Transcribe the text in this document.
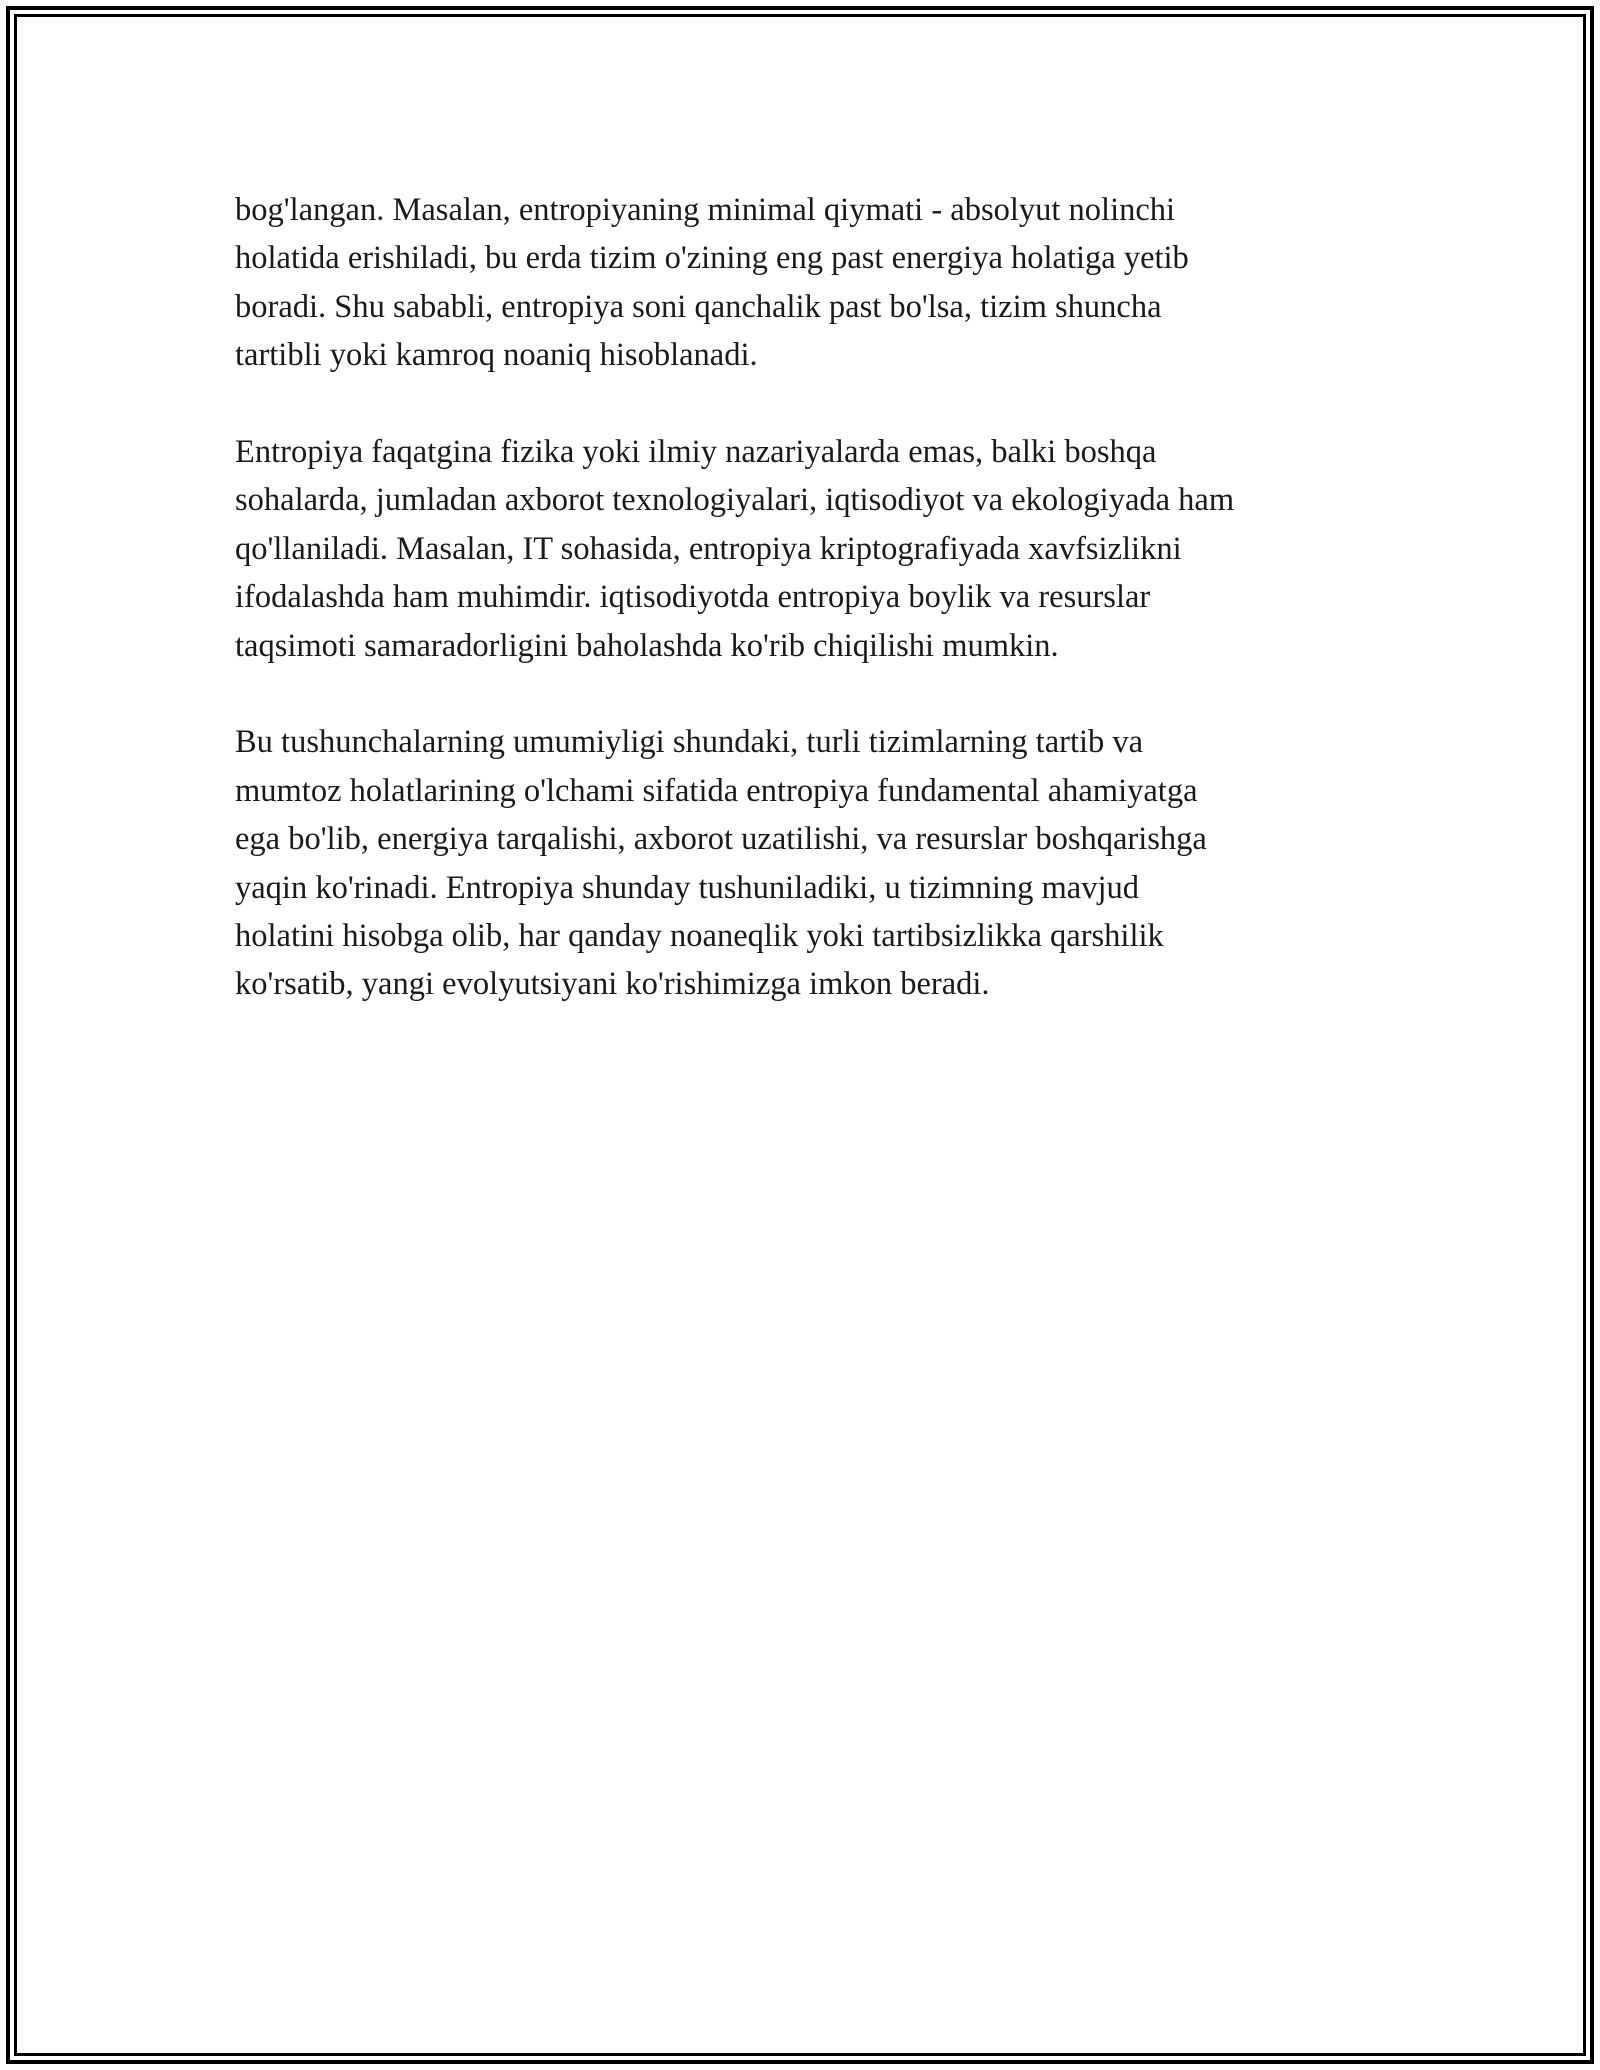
bog'langan. Masalan, entropiyaning minimal qiymati - absolyut nolinchi
holatida erishiladi, bu erda tizim o'zining eng past energiya holatiga yetib
boradi. Shu sababli, entropiya soni qanchalik past bo'lsa, tizim shuncha
tartibli yoki kamroq noaniq hisoblanadi.

Entropiya faqatgina fizika yoki ilmiy nazariyalarda emas, balki boshqa
sohalarda, jumladan axborot texnologiyalari, iqtisodiyot va ekologiyada ham
qo'llaniladi. Masalan, IT sohasida, entropiya kriptografiyada xavfsizlikni
ifodalashda ham muhimdir. iqtisodiyotda entropiya boylik va resurslar
taqsimoti samaradorligini baholashda ko'rib chiqilishi mumkin.

Bu tushunchalarning umumiyligi shundaki, turli tizimlarning tartib va
mumtoz holatlarining o'lchami sifatida entropiya fundamental ahamiyatga
ega bo'lib, energiya tarqalishi, axborot uzatilishi, va resurslar boshqarishga
yaqin ko'rinadi. Entropiya shunday tushuniladiki, u tizimning mavjud
holatini hisobga olib, har qanday noaneqlik yoki tartibsizlikka qarshilik
ko'rsatib, yangi evolyutsiyani ko'rishimizga imkon beradi.
